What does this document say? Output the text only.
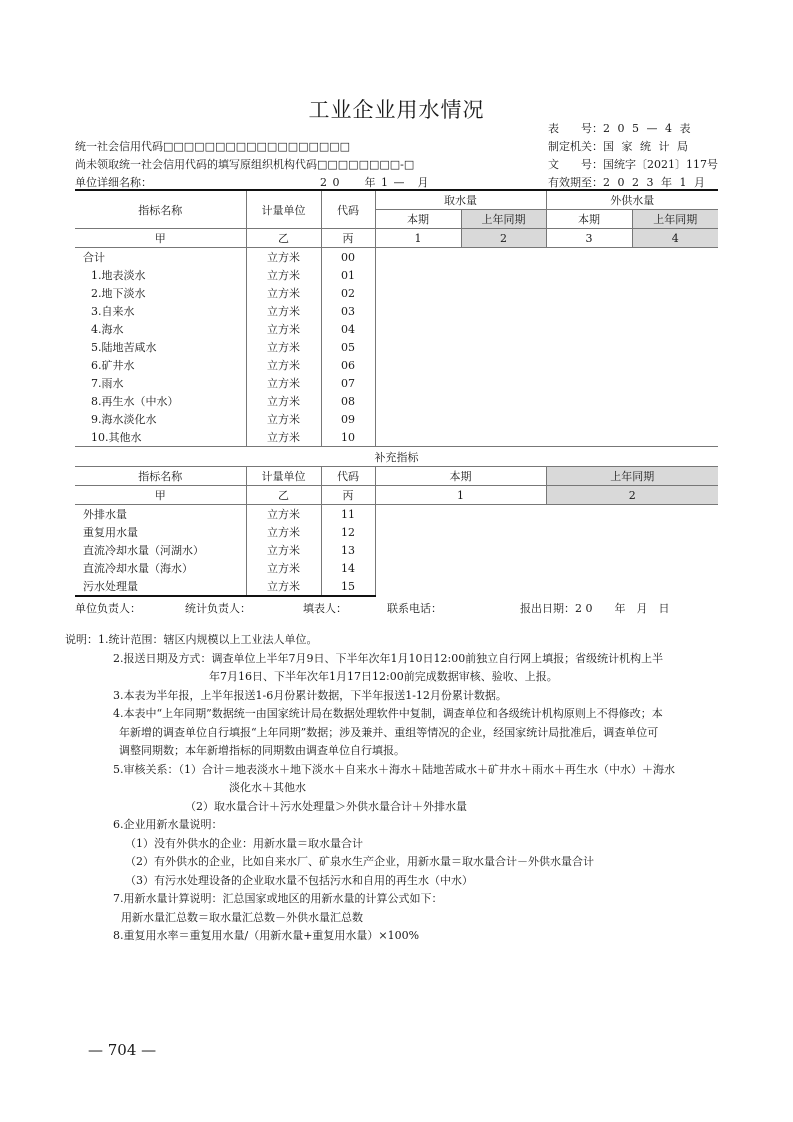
工业企业用水情况
统一社会信用代码□□□□□□□□□□□□□□□□□□
尚未领取统一社会信用代码的填写原组织机构代码□□□□□□□□-□
单位详细名称：	2 0　　年 1 —　月
表　　号：2 0 5 — 4 表
制定机关：国 家 统 计 局
文　　号：国统字〔2021〕117号
有效期至：2 0 2 3 年 1 月
指标名称	计量单位	代码	取水量		外供水量	
			本期	上年同期	本期	上年同期
甲	乙	丙	1	2	3	4
合计	立方米	00				
1.地表淡水	立方米	01				
2.地下淡水	立方米	02				
3.自来水	立方米	03				
4.海水	立方米	04				
5.陆地苦咸水	立方米	05				
6.矿井水	立方米	06				
7.雨水	立方米	07				
8.再生水（中水）	立方米	08				
9.海水淡化水	立方米	09				
10.其他水	立方米	10				
补充指标				
指标名称	计量单位	代码	本期	上年同期
甲	乙	丙	1	2
外排水量	立方米	11		
重复用水量	立方米	12		
直流冷却水量（河湖水）	立方米	13		
直流冷却水量（海水）	立方米	14		
污水处理量	立方米	15		
单位负责人：	统计负责人：	填表人：	联系电话：	报出日期：2 0　　年　月　日

说明：1.统计范围：辖区内规模以上工业法人单位。

2.报送日期及方式：调查单位上半年7月9日、下半年次年1月10日12:00前独立自行网上填报；省级统计机构上半

年7月16日、下半年次年1月17日12:00前完成数据审核、验收、上报。

3.本表为半年报，上半年报送1-6月份累计数据，下半年报送1-12月份累计数据。

4.本表中“上年同期”数据统一由国家统计局在数据处理软件中复制，调查单位和各级统计机构原则上不得修改；本

年新增的调查单位自行填报“上年同期”数据；涉及兼并、重组等情况的企业，经国家统计局批准后，调查单位可

调整同期数；本年新增指标的同期数由调查单位自行填报。

5.审核关系：（1）合计＝地表淡水＋地下淡水＋自来水＋海水＋陆地苦咸水＋矿井水＋雨水＋再生水（中水）＋海水

淡化水＋其他水

（2）取水量合计＋污水处理量＞外供水量合计＋外排水量

6.企业用新水量说明：

（1）没有外供水的企业：用新水量＝取水量合计

（2）有外供水的企业，比如自来水厂、矿泉水生产企业，用新水量＝取水量合计－外供水量合计

（3）有污水处理设备的企业取水量不包括污水和自用的再生水（中水）

7.用新水量计算说明：汇总国家或地区的用新水量的计算公式如下：

用新水量汇总数＝取水量汇总数－外供水量汇总数

8.重复用水率＝重复用水量/（用新水量+重复用水量）×100%

— 704 —
